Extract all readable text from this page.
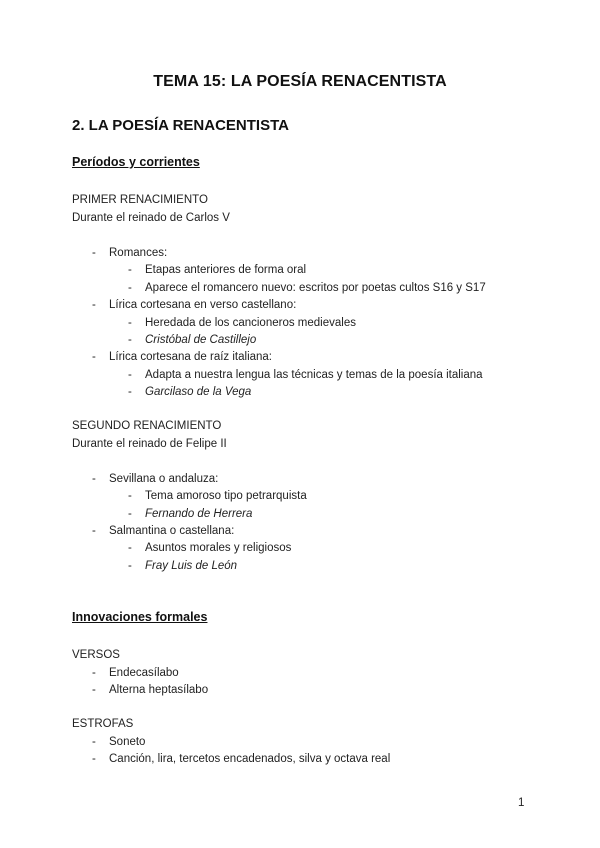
TEMA 15: LA POESÍA RENACENTISTA
2. LA POESÍA RENACENTISTA
Períodos y corrientes
PRIMER RENACIMIENTO
Durante el reinado de Carlos V
- Romances:
- Etapas anteriores de forma oral
- Aparece el romancero nuevo: escritos por poetas cultos S16 y S17
- Lírica cortesana en verso castellano:
- Heredada de los cancioneros medievales
- Cristóbal de Castillejo
- Lírica cortesana de raíz italiana:
- Adapta a nuestra lengua las técnicas y temas de la poesía italiana
- Garcilaso de la Vega
SEGUNDO RENACIMIENTO
Durante el reinado de Felipe II
- Sevillana o andaluza:
- Tema amoroso tipo petrarquista
- Fernando de Herrera
- Salmantina o castellana:
- Asuntos morales y religiosos
- Fray Luis de León
Innovaciones formales
VERSOS
- Endecasílabo
- Alterna heptasílabo
ESTROFAS
- Soneto
- Canción, lira, tercetos encadenados, silva y octava real
1
